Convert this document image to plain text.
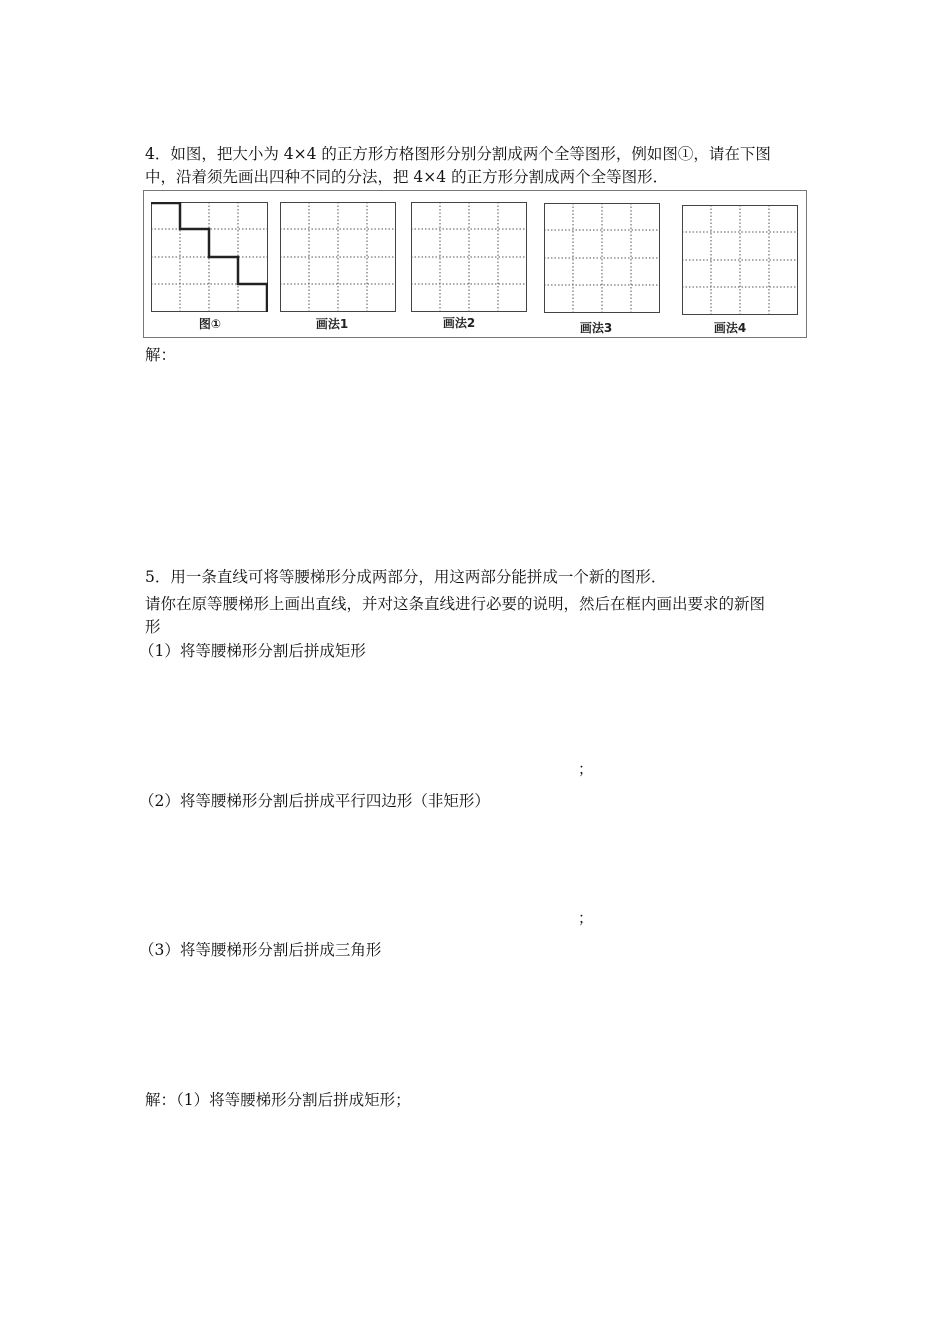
4．如图，把大小为 4×4 的正方形方格图形分别分割成两个全等图形，例如图①，请在下图
中，沿着须先画出四种不同的分法，把 4×4 的正方形分割成两个全等图形．
图①	画法1	画法2	画法3	画法4
解：
5．用一条直线可将等腰梯形分成两部分，用这两部分能拼成一个新的图形．
请你在原等腰梯形上画出直线，并对这条直线进行必要的说明，然后在框内画出要求的新图
形
（1）将等腰梯形分割后拼成矩形
；
（2）将等腰梯形分割后拼成平行四边形（非矩形）
；
（3）将等腰梯形分割后拼成三角形
解：（1）将等腰梯形分割后拼成矩形；
